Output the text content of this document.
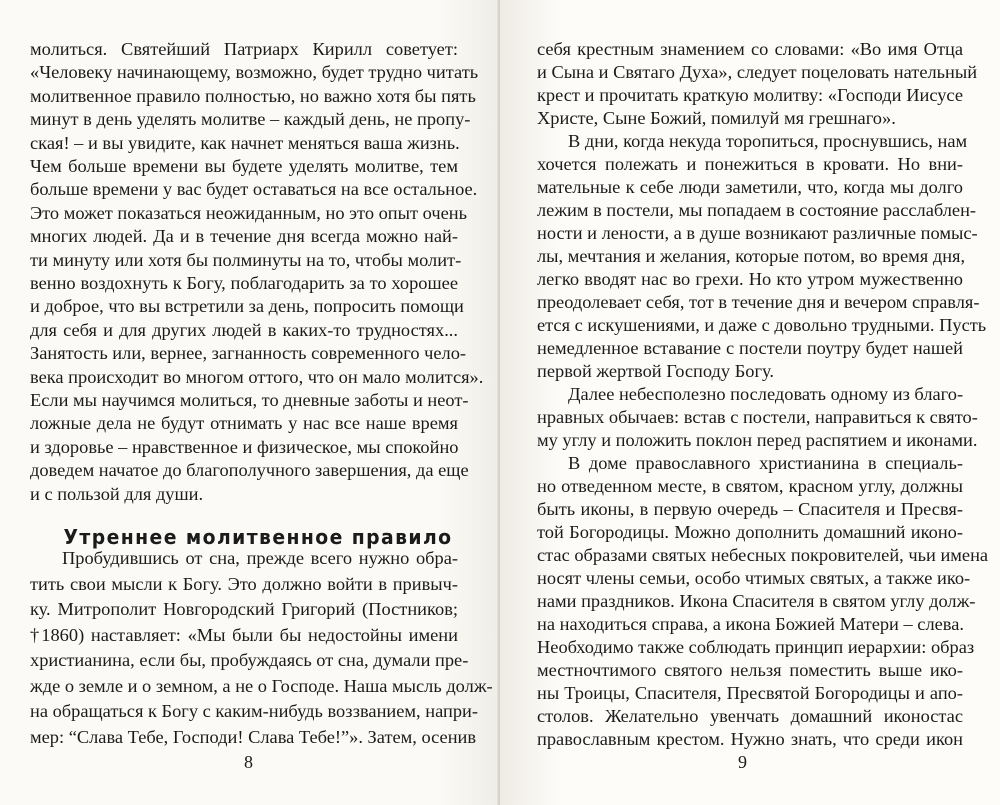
молиться. Святейший Патриарх Кирилл советует:
«Человеку начинающему, возможно, будет трудно читать
молитвенное правило полностью, но важно хотя бы пять
минут в день уделять молитве – каждый день, не пропу-
ская! – и вы увидите, как начнет меняться ваша жизнь.
Чем больше времени вы будете уделять молитве, тем
больше времени у вас будет оставаться на все остальное.
Это может показаться неожиданным, но это опыт очень
многих людей. Да и в течение дня всегда можно най-
ти минуту или хотя бы полминуты на то, чтобы молит-
венно воздохнуть к Богу, поблагодарить за то хорошее
и доброе, что вы встретили за день, попросить помощи
для себя и для других людей в каких-то трудностях...
Занятость или, вернее, загнанность современного чело-
века происходит во многом оттого, что он мало молится».
Если мы научимся молиться, то дневные заботы и неот-
ложные дела не будут отнимать у нас все наше время
и здоровье – нравственное и физическое, мы спокойно
Утреннее молитвенное правило
Пробудившись от сна, прежде всего нужно обра-
тить свои мысли к Богу. Это должно войти в привыч-
ку. Митрополит Новгородский Григорий (Постников;
†1860) наставляет: «Мы были бы недостойны имени
христианина, если бы, пробуждаясь от сна, думали пре-
жде о земле и о земном, а не о Господе. Наша мысль долж-
на обращаться к Богу с каким-нибудь воззванием, напри-
8
доведем начатое до благополучного завершения, да еще
и с пользой для души.
мер: “Слава Тебе, Господи! Слава Тебе!”». Затем, осенив
себя крестным знамением со словами: «Во имя Отца
и Сына и Святаго Духа», следует поцеловать нательный
крест и прочитать краткую молитву: «Господи Иисусе
Христе, Сыне Божий, помилуй мя грешнаго».
В дни, когда некуда торопиться, проснувшись, нам
хочется полежать и понежиться в кровати. Но вни-
мательные к себе люди заметили, что, когда мы долго
лежим в постели, мы попадаем в состояние расслаблен-
ности и лености, а в душе возникают различные помыс-
лы, мечтания и желания, которые потом, во время дня,
легко вводят нас во грехи. Но кто утром мужественно
преодолевает себя, тот в течение дня и вечером справля-
ется с искушениями, и даже с довольно трудными. Пусть
немедленное вставание с постели поутру будет нашей
первой жертвой Господу Богу.
Далее небесполезно последовать одному из благо-
нравных обычаев: встав с постели, направиться к свято-
му углу и положить поклон перед распятием и иконами.
В доме православного христианина в специаль-
но отведенном месте, в святом, красном углу, должны
быть иконы, в первую очередь – Спасителя и Пресвя-
той Богородицы. Можно дополнить домашний иконо-
стас образами святых небесных покровителей, чьи имена
носят члены семьи, особо чтимых святых, а также ико-
нами праздников. Икона Спасителя в святом углу долж-
на находиться справа, а икона Божией Матери – слева.
Необходимо также соблюдать принцип иерархии: образ
9
местночтимого святого нельзя поместить выше ико-
ны Троицы, Спасителя, Пресвятой Богородицы и апо-
столов. Желательно увенчать домашний иконостас
православным крестом. Нужно знать, что среди икон
